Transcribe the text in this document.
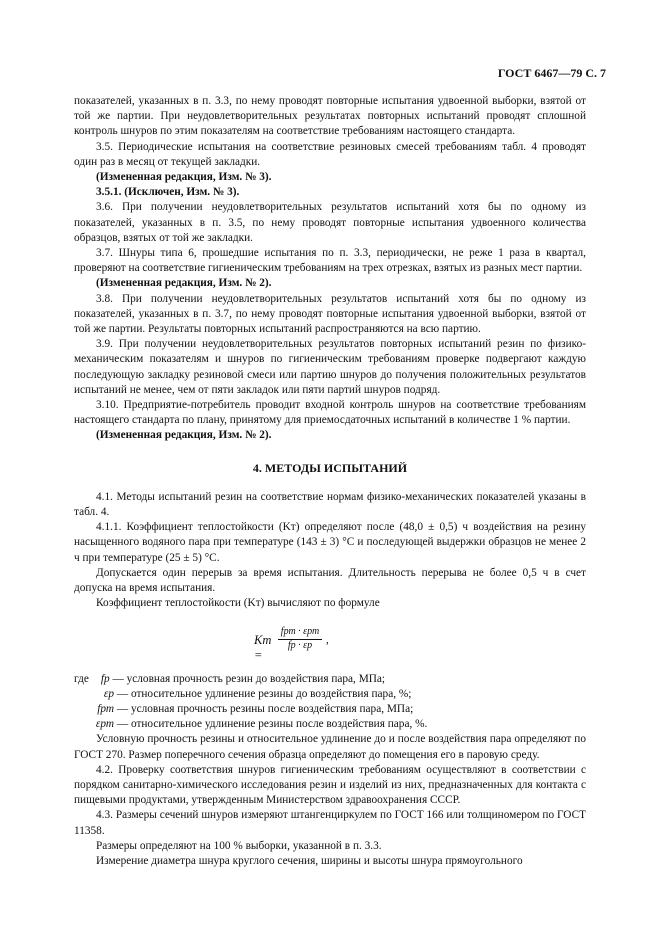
ГОСТ 6467—79 С. 7

показателей, указанных в п. 3.3, по нему проводят повторные испытания удвоенной выборки, взятой от той же партии. При неудовлетворительных результатах повторных испытаний проводят сплошной контроль шнуров по этим показателям на соответствие требованиям настоящего стандарта.

3.5. Периодические испытания на соответствие резиновых смесей требованиям табл. 4 проводят один раз в месяц от текущей закладки.

(Измененная редакция, Изм. № 3).

3.5.1. (Исключен, Изм. № 3).

3.6. При получении неудовлетворительных результатов испытаний хотя бы по одному из показателей, указанных в п. 3.5, по нему проводят повторные испытания удвоенного количества образцов, взятых от той же закладки.

3.7. Шнуры типа 6, прошедшие испытания по п. 3.3, периодически, не реже 1 раза в квартал, проверяют на соответствие гигиеническим требованиям на трех отрезках, взятых из разных мест партии.

(Измененная редакция, Изм. № 2).

3.8. При получении неудовлетворительных результатов испытаний хотя бы по одному из показателей, указанных в п. 3.7, по нему проводят повторные испытания удвоенной выборки, взятой от той же партии. Результаты повторных испытаний распространяются на всю партию.

3.9. При получении неудовлетворительных результатов повторных испытаний резин по физико-механическим показателям и шнуров по гигиеническим требованиям проверке подвергают каждую последующую закладку резиновой смеси или партию шнуров до получения положительных результатов испытаний не менее, чем от пяти закладок или пяти партий шнуров подряд.

3.10. Предприятие-потребитель проводит входной контроль шнуров на соответствие требованиям настоящего стандарта по плану, принятому для приемосдаточных испытаний в количестве 1 % партии.

(Измененная редакция, Изм. № 2).

4. МЕТОДЫ ИСПЫТАНИЙ

4.1. Методы испытаний резин на соответствие нормам физико-механических показателей указаны в табл. 4.

4.1.1. Коэффициент теплостойкости (Kт) определяют после (48,0 ± 0,5) ч воздействия на резину насыщенного водяного пара при температуре (143 ± 3) °С и последующей выдержки образцов не менее 2 ч при температуре (25 ± 5) °С.

Допускается один перерыв за время испытания. Длительность перерыва не более 0,5 ч в счет допуска на время испытания.

Коэффициент теплостойкости (Kт) вычисляют по формуле

Kт =
fрт · εрт
fр · εр	,

где fр — условная прочность резин до воздействия пара, МПа;

εр — относительное удлинение резины до воздействия пара, %;

fрт — условная прочность резины после воздействия пара, МПа;

εрт — относительное удлинение резины после воздействия пара, %.

Условную прочность резины и относительное удлинение до и после воздействия пара определяют по ГОСТ 270. Размер поперечного сечения образца определяют до помещения его в паровую среду.

4.2. Проверку соответствия шнуров гигиеническим требованиям осуществляют в соответствии с порядком санитарно-химического исследования резин и изделий из них, предназначенных для контакта с пищевыми продуктами, утвержденным Министерством здравоохранения СССР.

4.3. Размеры сечений шнуров измеряют штангенциркулем по ГОСТ 166 или толщиномером по ГОСТ 11358.

Размеры определяют на 100 % выборки, указанной в п. 3.3.

Измерение диаметра шнура круглого сечения, ширины и высоты шнура прямоугольного
